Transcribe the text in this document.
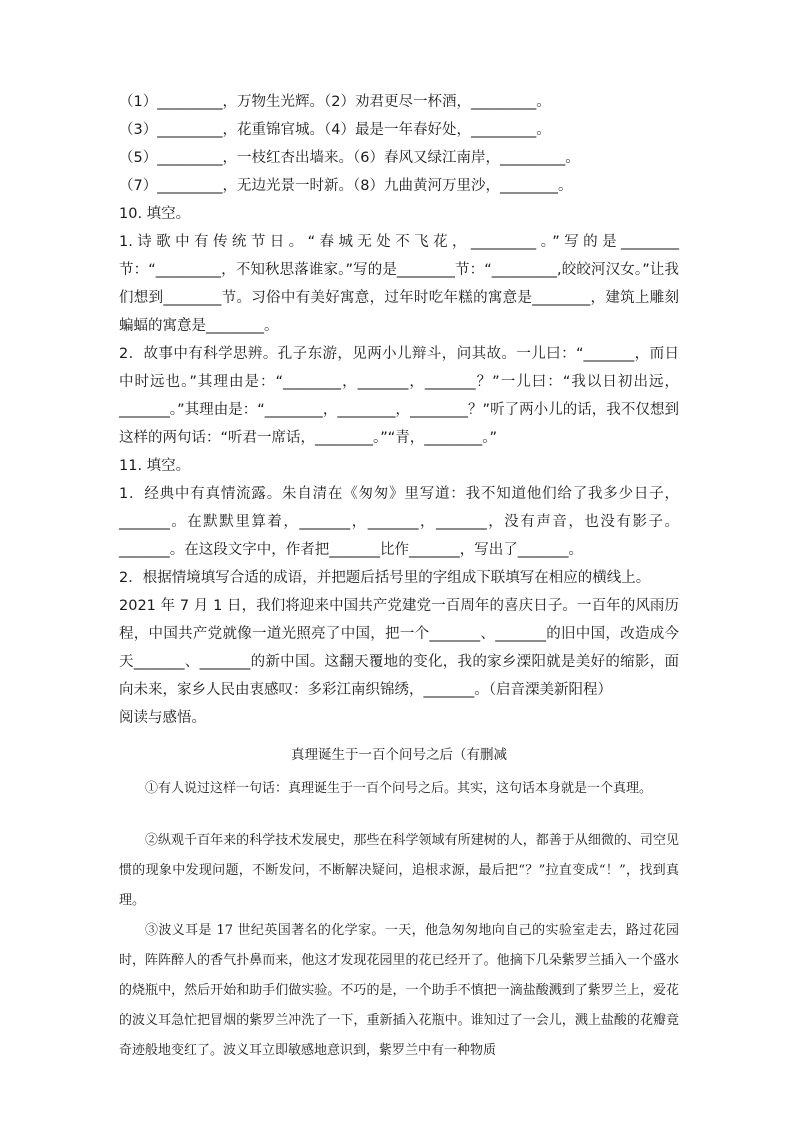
（1）_________，万物生光辉。（2）劝君更尽一杯酒，_________。

（3）_________，花重锦官城。（4）最是一年春好处，_________。

（5）_________，一枝红杏出墙来。（6）春风又绿江南岸，_________。

（7）_________，无边光景一时新。（8）九曲黄河万里沙，________。

10. 填空。

1.诗歌中有传统节日。“春城无处不飞花，_________。”写的是________节：“_________，不知秋思落谁家。”写的是________节：“_________,皎皎河汉女。”让我们想到________节。习俗中有美好寓意，过年时吃年糕的寓意是________，建筑上雕刻蝙蝠的寓意是________。

2．故事中有科学思辨。孔子东游，见两小儿辩斗，问其故。一儿曰：“_______，而日中时远也。”其理由是：“________，_______，_______？”一儿曰：“我以日初出远，_______。”其理由是：“________，________，________？”听了两小儿的话，我不仅想到这样的两句话：“听君一席话，________。”“青，________。”

11. 填空。

1．经典中有真情流露。朱自清在《匆匆》里写道：我不知道他们给了我多少日子，_______。在默默里算着，_______，_______，_______，没有声音，也没有影子。_______。在这段文字中，作者把_______比作_______，写出了_______。

2．根据情境填写合适的成语，并把题后括号里的字组成下联填写在相应的横线上。

2021 年 7 月 1 日，我们将迎来中国共产党建党一百周年的喜庆日子。一百年的风雨历程，中国共产党就像一道光照亮了中国，把一个_______、_______的旧中国，改造成今天_______、_______的新中国。这翻天覆地的变化，我的家乡溧阳就是美好的缩影，面向未来，家乡人民由衷感叹：多彩江南织锦绣，_______。（启音溧美新阳程）

阅读与感悟。

真理诞生于一百个问号之后（有删减

①有人说过这样一句话：真理诞生于一百个问号之后。其实，这句话本身就是一个真理。

②纵观千百年来的科学技术发展史，那些在科学领域有所建树的人，都善于从细微的、司空见惯的现象中发现问题，不断发问，不断解决疑问，追根求源，最后把“？”拉直变成“！”，找到真理。

③波义耳是 17 世纪英国著名的化学家。一天，他急匆匆地向自己的实验室走去，路过花园时，阵阵醉人的香气扑鼻而来，他这才发现花园里的花已经开了。他摘下几朵紫罗兰插入一个盛水的烧瓶中，然后开始和助手们做实验。不巧的是，一个助手不慎把一滴盐酸溅到了紫罗兰上，爱花的波义耳急忙把冒烟的紫罗兰冲洗了一下，重新插入花瓶中。谁知过了一会儿，溅上盐酸的花瓣竟奇迹般地变红了。波义耳立即敏感地意识到，紫罗兰中有一种物质
